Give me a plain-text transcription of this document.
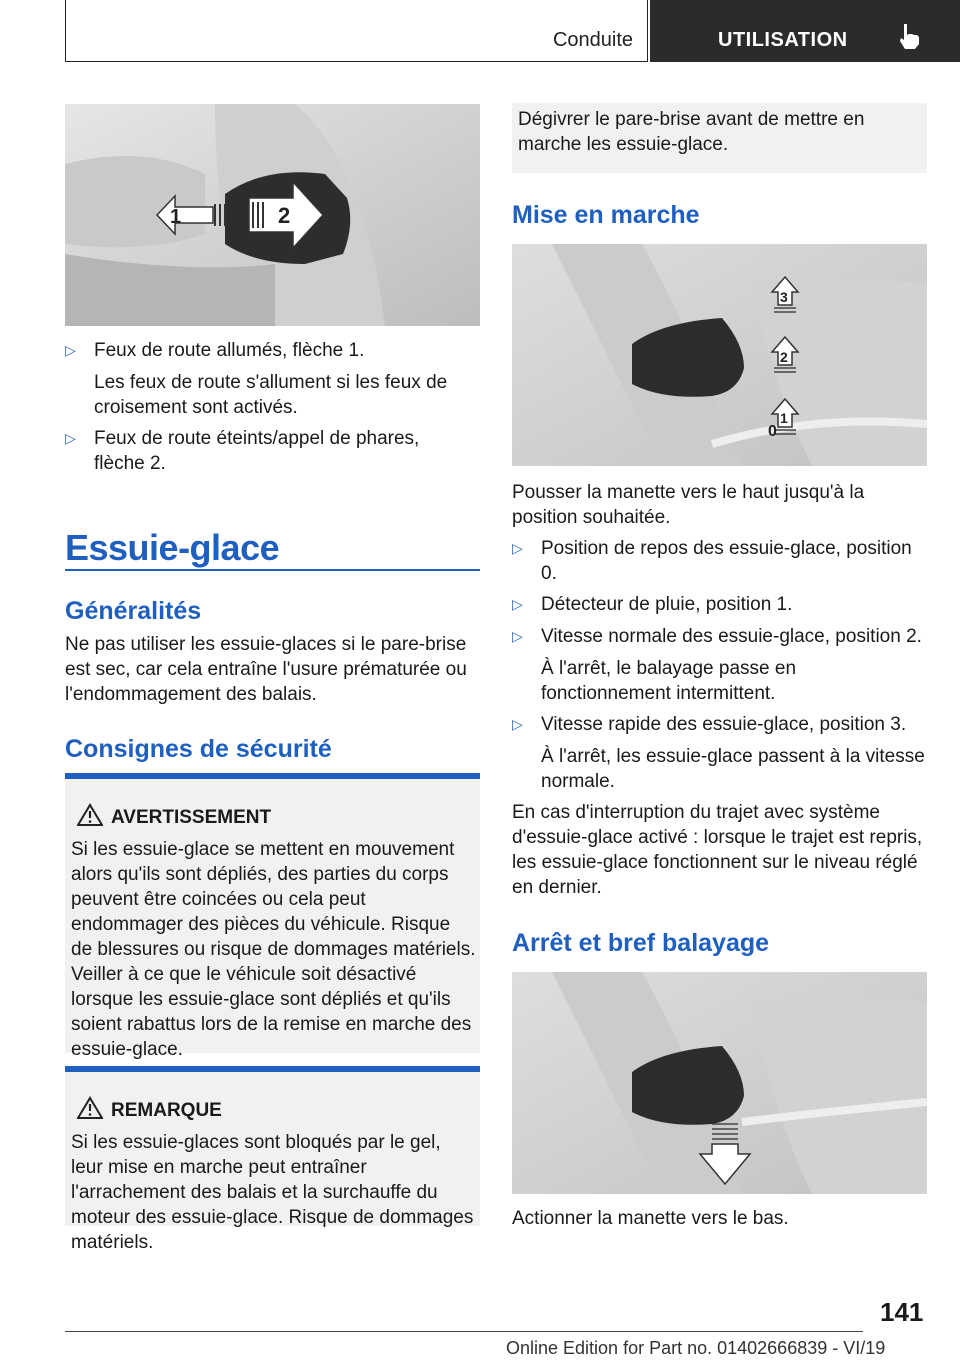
Conduite	UTILISATION
1	2
▷ Feux de route allumés, flèche 1.
Les feux de route s'allument si les feux de croisement sont activés.
▷ Feux de route éteints/appel de phares, flèche 2.
Essuie-glace
Généralités
Ne pas utiliser les essuie-glaces si le pare-brise est sec, car cela entraîne l'usure prématurée ou l'endommagement des balais.
Consignes de sécurité
AVERTISSEMENT
Si les essuie-glace se mettent en mouvement alors qu'ils sont dépliés, des parties du corps peuvent être coincées ou cela peut endommager des pièces du véhicule. Risque de blessures ou risque de dommages matériels. Veiller à ce que le véhicule soit désactivé lorsque les essuie-glace sont dépliés et qu'ils soient rabattus lors de la remise en marche des essuie-glace.
REMARQUE
Si les essuie-glaces sont bloqués par le gel, leur mise en marche peut entraîner l'arrachement des balais et la surchauffe du moteur des essuie-glace. Risque de dommages matériels.
Dégivrer le pare-brise avant de mettre en marche les essuie-glace.
Mise en marche
3
2
1
0
Pousser la manette vers le haut jusqu'à la position souhaitée.
▷ Position de repos des essuie-glace, position 0.
▷ Détecteur de pluie, position 1.
▷ Vitesse normale des essuie-glace, position 2.
À l'arrêt, le balayage passe en fonctionnement intermittent.
▷ Vitesse rapide des essuie-glace, position 3.
À l'arrêt, les essuie-glace passent à la vitesse normale.
En cas d'interruption du trajet avec système d'essuie-glace activé : lorsque le trajet est repris, les essuie-glace fonctionnent sur le niveau réglé en dernier.
Arrêt et bref balayage
Actionner la manette vers le bas.
141
Online Edition for Part no. 01402666839 - VI/19
